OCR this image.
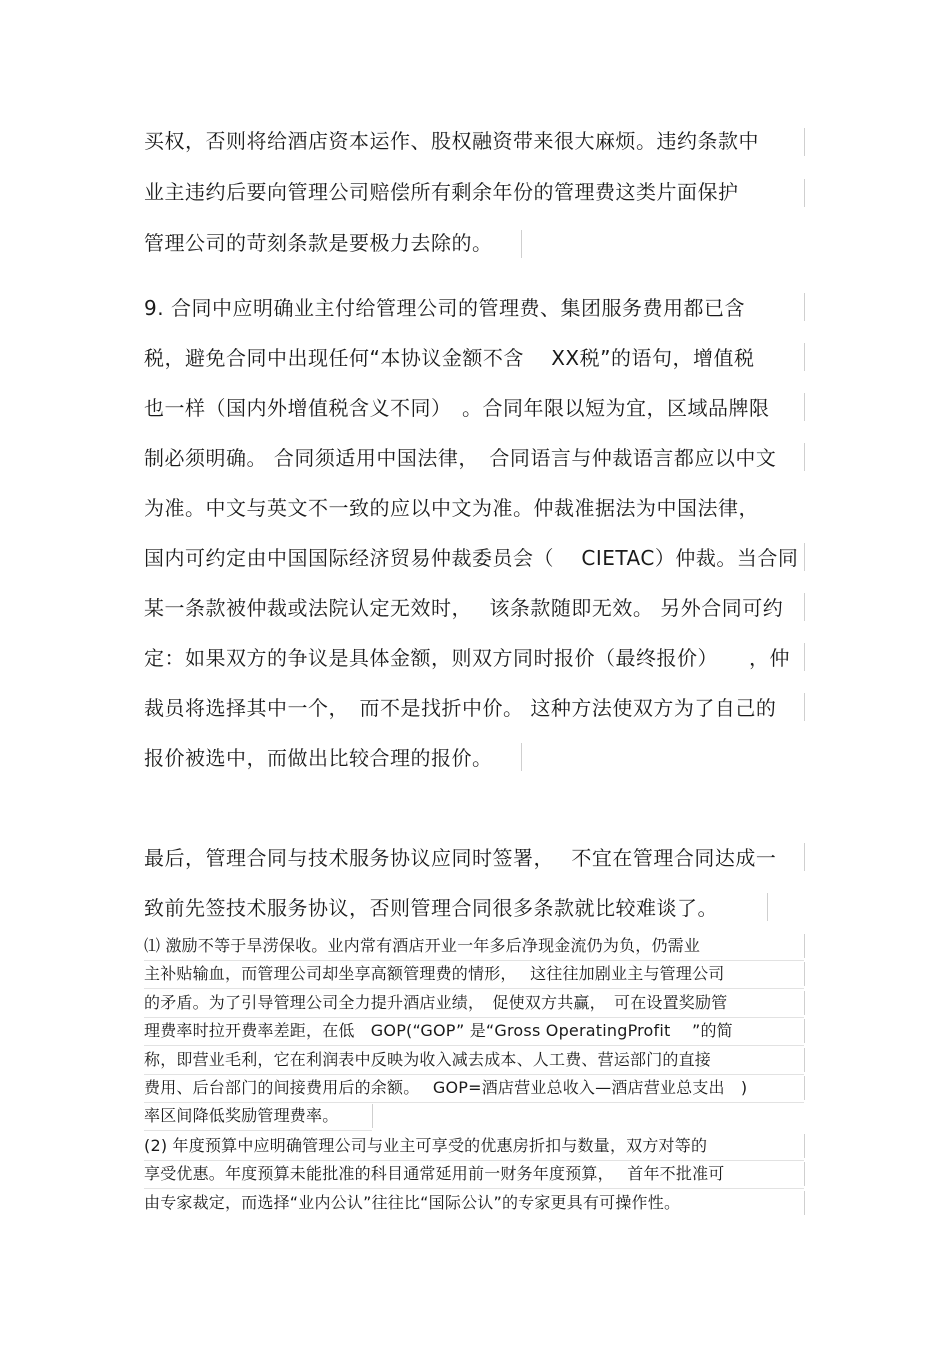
买权，否则将给酒店资本运作、股权融资带来很大麻烦。违约条款中
业主违约后要向管理公司赔偿所有剩余年份的管理费这类片面保护
管理公司的苛刻条款是要极力去除的。
9. 合同中应明确业主付给管理公司的管理费、集团服务费用都已含
税，避免合同中出现任何“本协议金额不含　 XX税”的语句，增值税
也一样（国内外增值税含义不同）　。合同年限以短为宜，区域品牌限
制必须明确。 合同须适用中国法律，　合同语言与仲裁语言都应以中文
为准。中文与英文不一致的应以中文为准。仲裁准据法为中国法律，
国内可约定由中国国际经济贸易仲裁委员会（　 CIETAC）仲裁。当合同
某一条款被仲裁或法院认定无效时，　 该条款随即无效。 另外合同可约
定：如果双方的争议是具体金额，则双方同时报价（最终报价）　　，仲
裁员将选择其中一个，　而不是找折中价。 这种方法使双方为了自己的
报价被选中，而做出比较合理的报价。
最后，管理合同与技术服务协议应同时签署，　 不宜在管理合同达成一
致前先签技术服务协议，否则管理合同很多条款就比较难谈了。
⑴ 激励不等于旱涝保收。业内常有酒店开业一年多后净现金流仍为负，仍需业
主补贴输血，而管理公司却坐享高额管理费的情形，　 这往往加剧业主与管理公司
的矛盾。为了引导管理公司全力提升酒店业绩，　促使双方共赢，　可在设置奖励管
理费率时拉开费率差距，在低　GOP(“GOP” 是“Gross OperatingProfit　 ”的简
称，即营业毛利，它在利润表中反映为收入减去成本、人工费、营运部门的直接
费用、后台部门的间接费用后的余额。　 GOP=酒店营业总收入—酒店营业总支出　)
率区间降低奖励管理费率。
(2) 年度预算中应明确管理公司与业主可享受的优惠房折扣与数量，双方对等的
享受优惠。年度预算未能批准的科目通常延用前一财务年度预算，　 首年不批准可
由专家裁定，而选择“业内公认”往往比“国际公认”的专家更具有可操作性。
